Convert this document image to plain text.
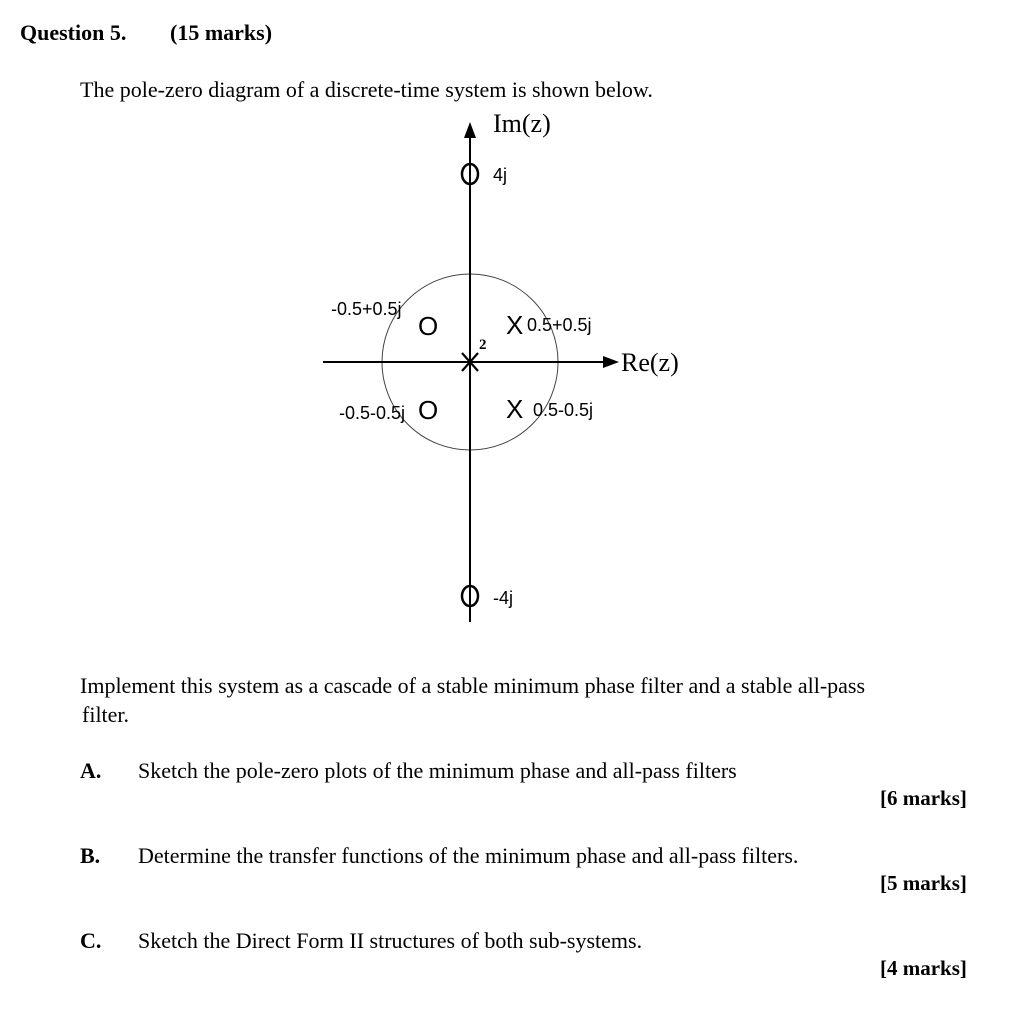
Question 5. (15 marks)
The pole-zero diagram of a discrete-time system is shown below.
Im(z)
Re(z)
4j
-4j
-0.5+0.5j
O
-0.5-0.5j O
X 0.5+0.5j
X 0.5-0.5j
2
Implement this system as a cascade of a stable minimum phase filter and a stable all-pass
filter.
A. Sketch the pole-zero plots of the minimum phase and all-pass filters
[6 marks]
B. Determine the transfer functions of the minimum phase and all-pass filters.
[5 marks]
C. Sketch the Direct Form II structures of both sub-systems.
[4 marks]
